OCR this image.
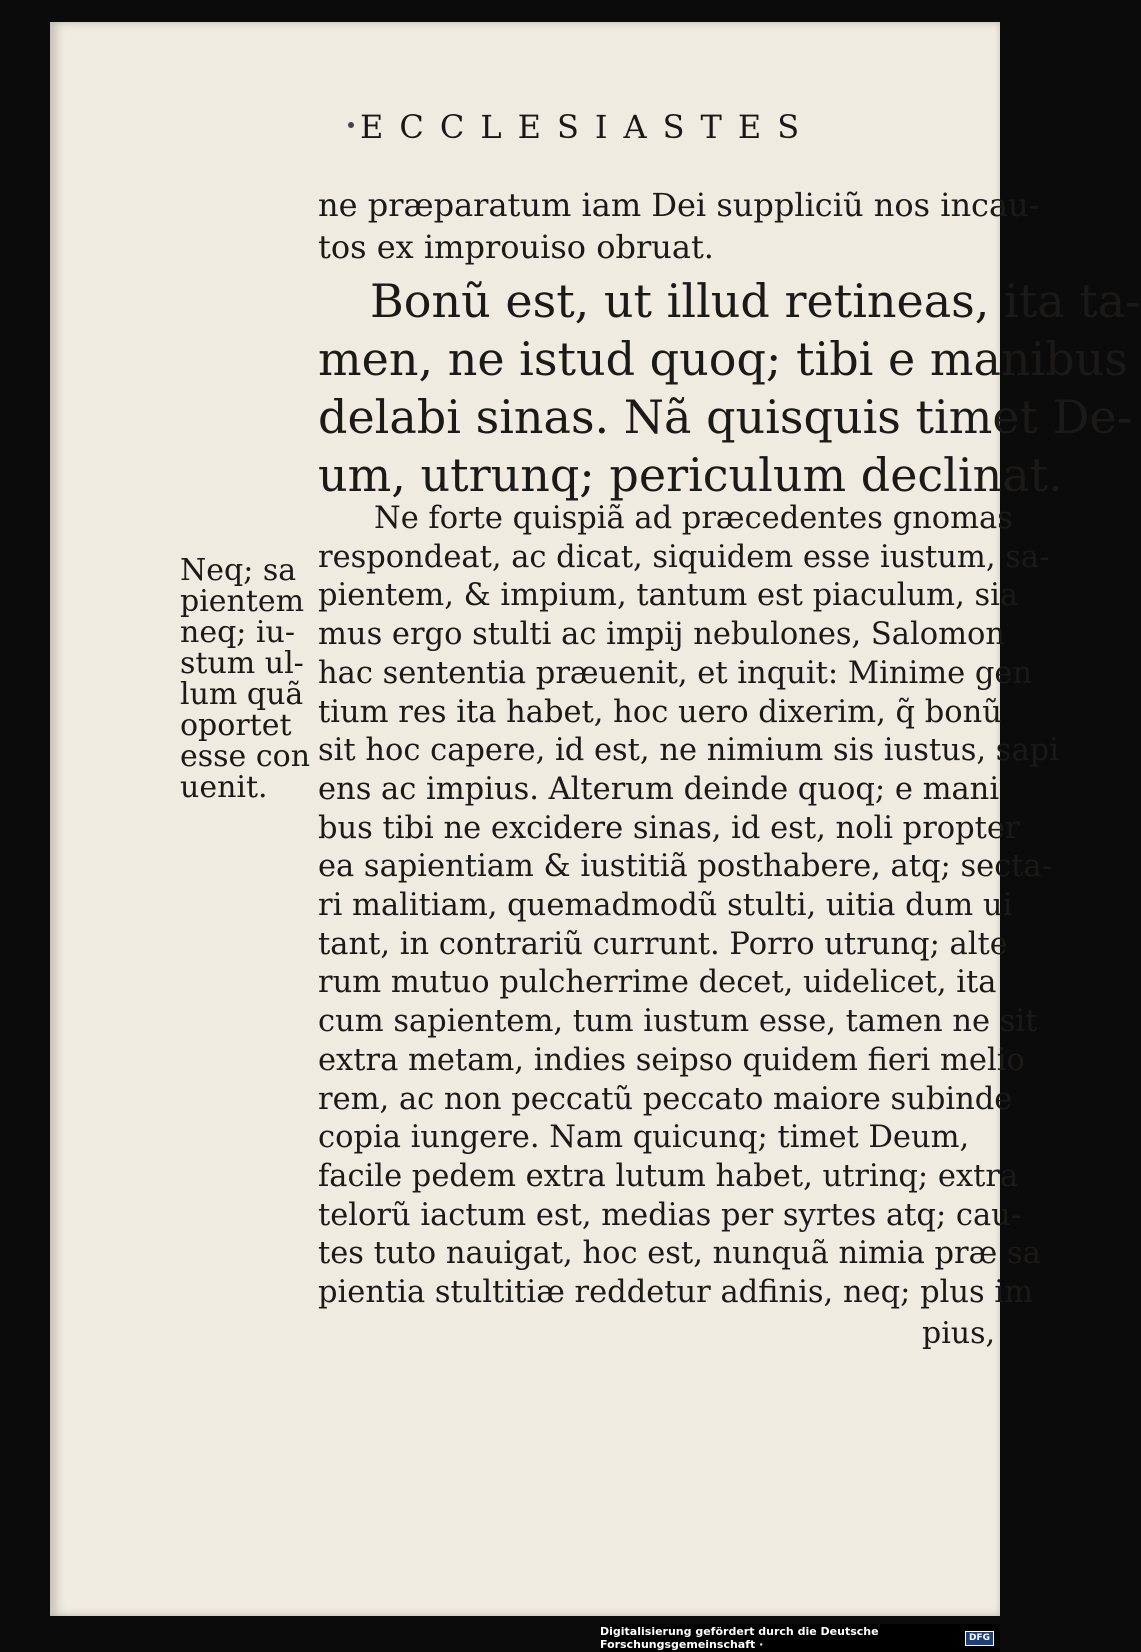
ECCLESIASTES
ne præparatum iam Dei suppliciũ nos incau-
tos ex improuiso obruat.
Bonũ est, ut illud retineas, ita ta-
men, ne istud quoq; tibi e manibus
delabi sinas. Nã quisquis timet De-
um, utrunq; periculum declinat.
Ne forte quispiã ad præcedentes gnomas
respondeat, ac dicat, siquidem esse iustum, sa-
pientem, & impium, tantum est piaculum, sia
mus ergo stulti ac impij nebulones, Salomon
hac sententia præuenit, et inquit: Minime gen
tium res ita habet, hoc uero dixerim, q̃ bonũ
sit hoc capere, id est, ne nimium sis iustus, sapi
ens ac impius. Alterum deinde quoq; e mani
bus tibi ne excidere sinas, id est, noli propter
ea sapientiam & iustitiã posthabere, atq; secta-
ri malitiam, quemadmodũ stulti, uitia dum ui
tant, in contrariũ currunt. Porro utrunq; alte
rum mutuo pulcherrime decet, uidelicet, ita
cum sapientem, tum iustum esse, tamen ne sit
extra metam, indies seipso quidem fieri melio
rem, ac non peccatũ peccato maiore subinde
copia iungere. Nam quicunq; timet Deum,
facile pedem extra lutum habet, utrinq; extra
telorũ iactum est, medias per syrtes atq; cau-
tes tuto nauigat, hoc est, nunquã nimia præ sa
pientia stultitiæ reddetur adfinis, neq; plus im
pius,
Neq; sa
pientem
neq; iu-
stum ul-
lum quã
oportet
esse con
uenit.
Digitalisierung gefördert durch die Deutsche Forschungsgemeinschaft ·
DFG
